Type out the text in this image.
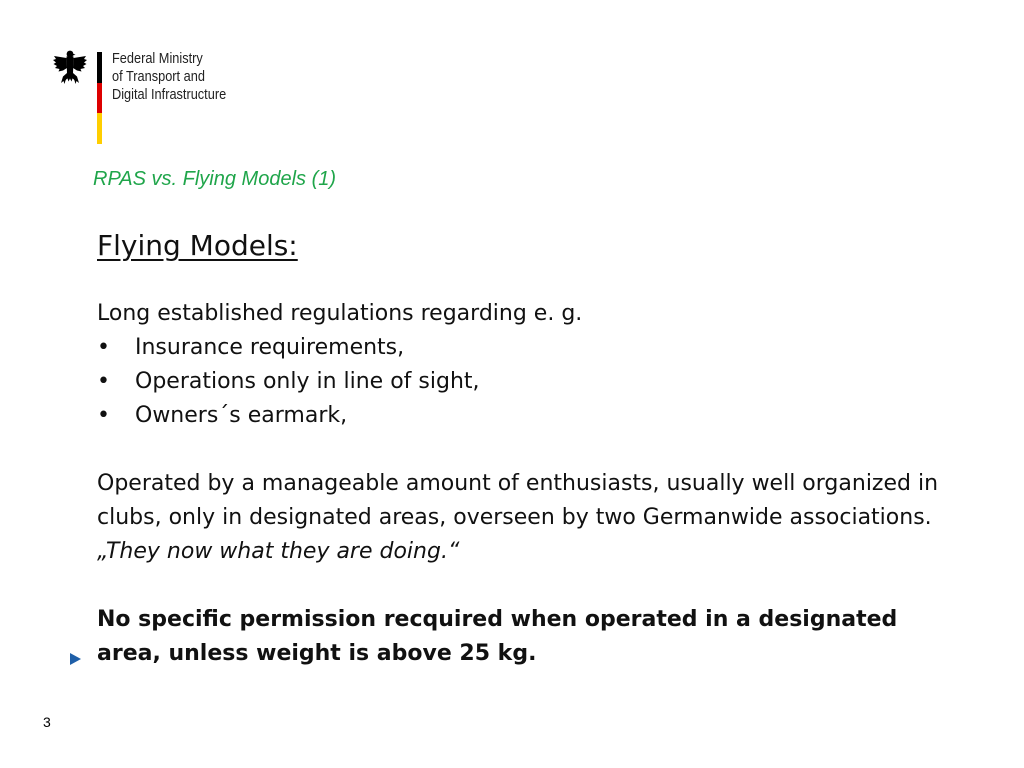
Federal Ministry
of Transport and
Digital Infrastructure
RPAS vs. Flying Models (1)
Flying Models:

Long established regulations regarding e. g.

• Insurance requirements,
• Operations only in line of sight,
• Owners´s earmark,

Operated by a manageable amount of enthusiasts, usually well organized in clubs, only in designated areas, overseen by two Germanwide associations. „They now what they are doing.“

No specific permission recquired when operated in a designated area, unless weight is above 25 kg.

3
